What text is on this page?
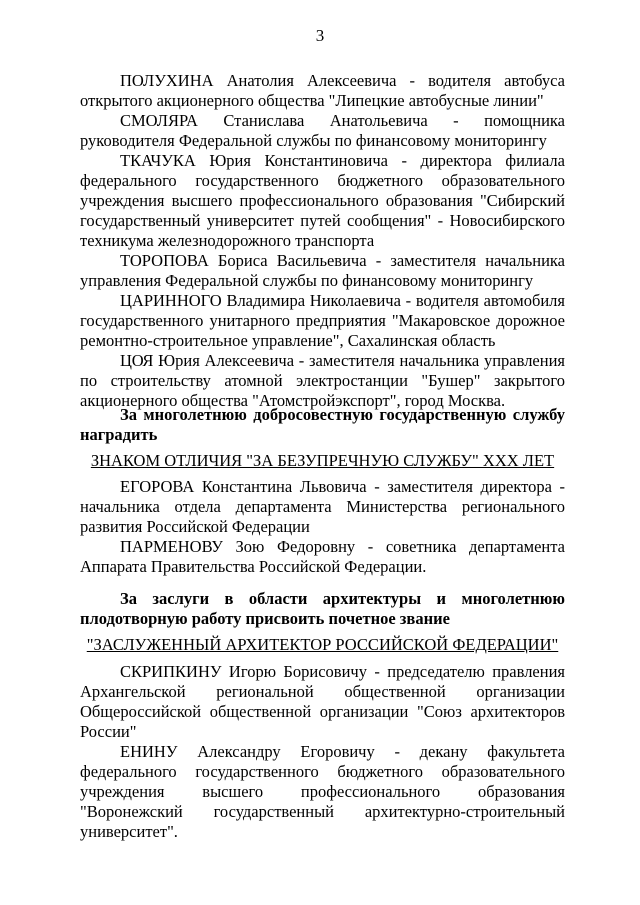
3

ПОЛУХИНА Анатолия Алексеевича - водителя автобуса открытого акционерного общества "Липецкие автобусные линии"

СМОЛЯРА Станислава Анатольевича - помощника руководителя Федеральной службы по финансовому мониторингу

ТКАЧУКА Юрия Константиновича - директора филиала федерального государственного бюджетного образовательного учреждения высшего профессионального образования "Сибирский государственный университет путей сообщения" - Новосибирского техникума железнодорожного транспорта

ТОРОПОВА Бориса Васильевича - заместителя начальника управления Федеральной службы по финансовому мониторингу

ЦАРИННОГО Владимира Николаевича - водителя автомобиля государственного унитарного предприятия "Макаровское дорожное ремонтно-строительное управление", Сахалинская область

ЦОЯ Юрия Алексеевича - заместителя начальника управления по строительству атомной электростанции "Бушер" закрытого акционерного общества "Атомстройэкспорт", город Москва.

За многолетнюю добросовестную государственную службу наградить

ЗНАКОМ ОТЛИЧИЯ "ЗА БЕЗУПРЕЧНУЮ СЛУЖБУ" XXX ЛЕТ

ЕГОРОВА Константина Львовича - заместителя директора - начальника отдела департамента Министерства регионального развития Российской Федерации

ПАРМЕНОВУ Зою Федоровну - советника департамента Аппарата Правительства Российской Федерации.

За заслуги в области архитектуры и многолетнюю плодотворную работу присвоить почетное звание

"ЗАСЛУЖЕННЫЙ АРХИТЕКТОР РОССИЙСКОЙ ФЕДЕРАЦИИ"

СКРИПКИНУ Игорю Борисовичу - председателю правления Архангельской региональной общественной организации Общероссийской общественной организации "Союз архитекторов России"

ЕНИНУ Александру Егоровичу - декану факультета федерального государственного бюджетного образовательного учреждения высшего профессионального образования "Воронежский государственный архитектурно-строительный университет".
